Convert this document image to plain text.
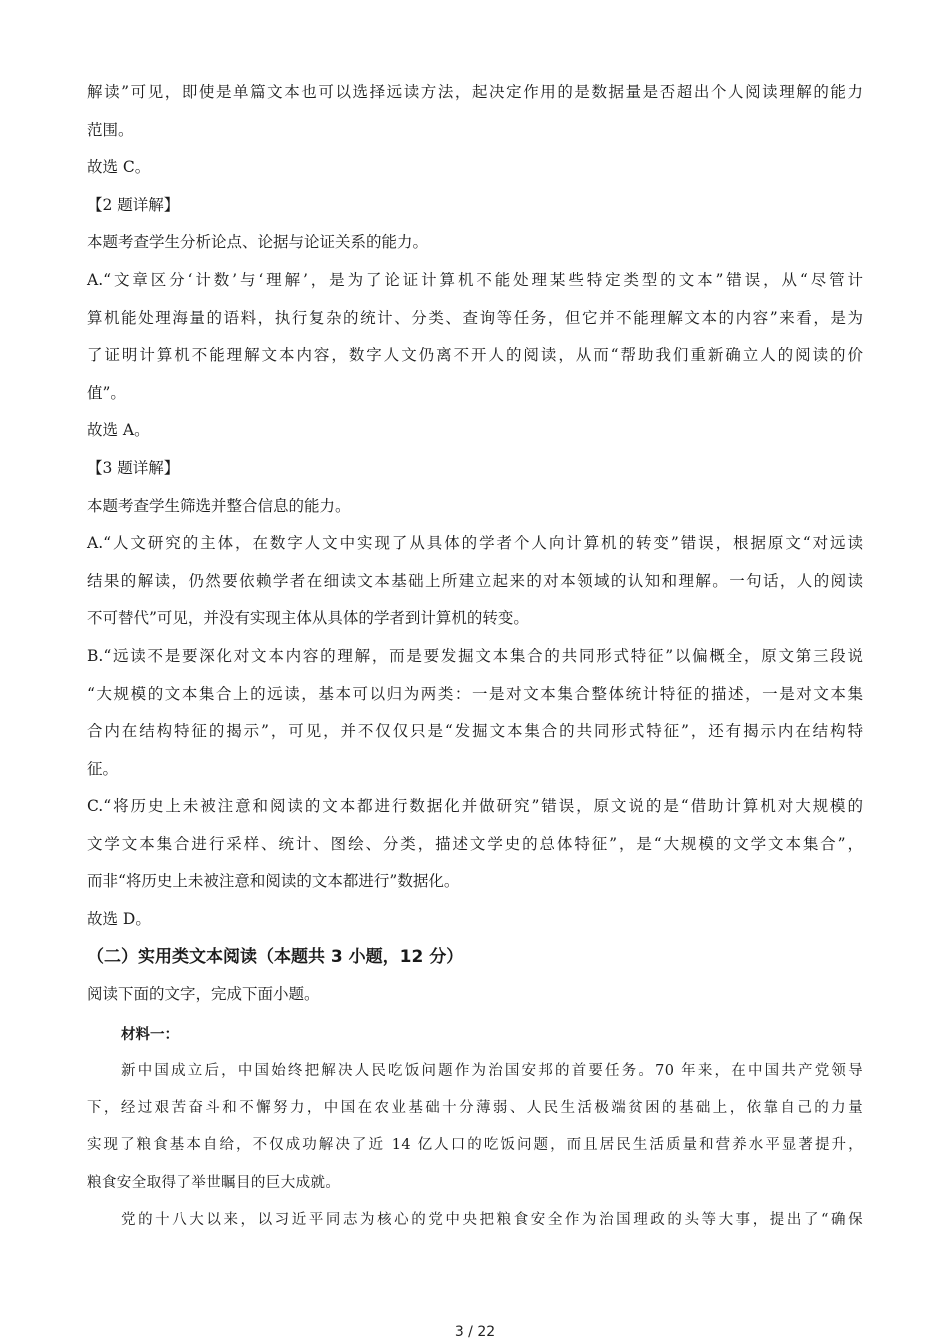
解读”可见，即使是单篇文本也可以选择远读方法，起决定作用的是数据量是否超出个人阅读理解的能力
范围。
故选 C。
【2 题详解】
本题考查学生分析论点、论据与论证关系的能力。
A.“文章区分‘计数’与‘理解’，是为了论证计算机不能处理某些特定类型的文本”错误，从“尽管计
算机能处理海量的语料，执行复杂的统计、分类、查询等任务，但它并不能理解文本的内容”来看，是为
了证明计算机不能理解文本内容，数字人文仍离不开人的阅读，从而“帮助我们重新确立人的阅读的价
值”。
故选 A。
【3 题详解】
本题考查学生筛选并整合信息的能力。
A.“人文研究的主体，在数字人文中实现了从具体的学者个人向计算机的转变”错误，根据原文“对远读
结果的解读，仍然要依赖学者在细读文本基础上所建立起来的对本领域的认知和理解。一句话，人的阅读
不可替代”可见，并没有实现主体从具体的学者到计算机的转变。
B.“远读不是要深化对文本内容的理解，而是要发掘文本集合的共同形式特征”以偏概全，原文第三段说
“大规模的文本集合上的远读，基本可以归为两类：一是对文本集合整体统计特征的描述，一是对文本集
合内在结构特征的揭示”，可见，并不仅仅只是“发掘文本集合的共同形式特征”，还有揭示内在结构特
征。
C.“将历史上未被注意和阅读的文本都进行数据化并做研究”错误，原文说的是“借助计算机对大规模的
文学文本集合进行采样、统计、图绘、分类，描述文学史的总体特征”，是“大规模的文学文本集合”，
而非“将历史上未被注意和阅读的文本都进行”数据化。
故选 D。
（二）实用类文本阅读（本题共 3 小题，12 分）
阅读下面的文字，完成下面小题。
材料一：
新中国成立后，中国始终把解决人民吃饭问题作为治国安邦的首要任务。70 年来，在中国共产党领导
下，经过艰苦奋斗和不懈努力，中国在农业基础十分薄弱、人民生活极端贫困的基础上，依靠自己的力量
实现了粮食基本自给，不仅成功解决了近 14 亿人口的吃饭问题，而且居民生活质量和营养水平显著提升，
粮食安全取得了举世瞩目的巨大成就。
党的十八大以来，以习近平同志为核心的党中央把粮食安全作为治国理政的头等大事，提出了“确保
3 / 22
